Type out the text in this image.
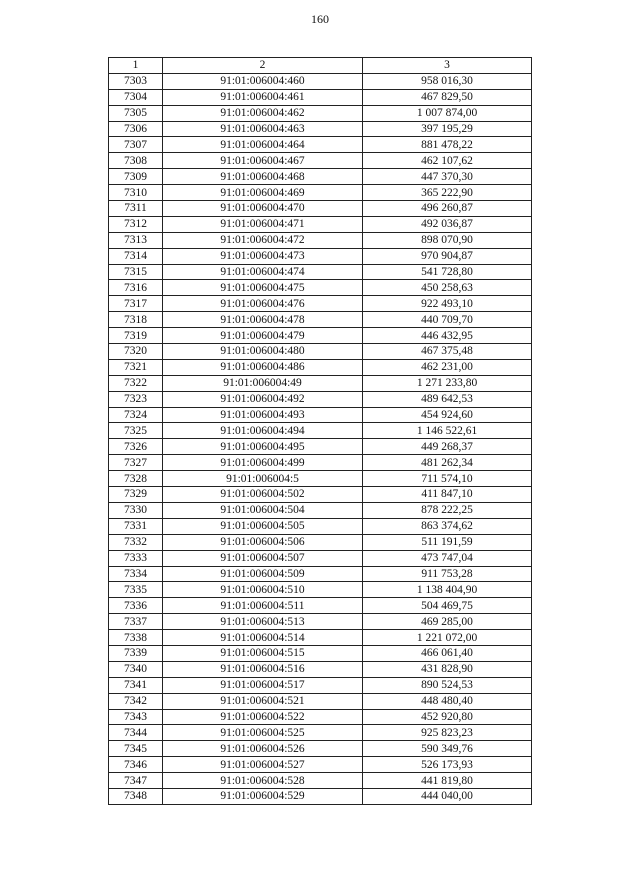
160
1	2	3
7303	91:01:006004:460	958 016,30
7304	91:01:006004:461	467 829,50
7305	91:01:006004:462	1 007 874,00
7306	91:01:006004:463	397 195,29
7307	91:01:006004:464	881 478,22
7308	91:01:006004:467	462 107,62
7309	91:01:006004:468	447 370,30
7310	91:01:006004:469	365 222,90
7311	91:01:006004:470	496 260,87
7312	91:01:006004:471	492 036,87
7313	91:01:006004:472	898 070,90
7314	91:01:006004:473	970 904,87
7315	91:01:006004:474	541 728,80
7316	91:01:006004:475	450 258,63
7317	91:01:006004:476	922 493,10
7318	91:01:006004:478	440 709,70
7319	91:01:006004:479	446 432,95
7320	91:01:006004:480	467 375,48
7321	91:01:006004:486	462 231,00
7322	91:01:006004:49	1 271 233,80
7323	91:01:006004:492	489 642,53
7324	91:01:006004:493	454 924,60
7325	91:01:006004:494	1 146 522,61
7326	91:01:006004:495	449 268,37
7327	91:01:006004:499	481 262,34
7328	91:01:006004:5	711 574,10
7329	91:01:006004:502	411 847,10
7330	91:01:006004:504	878 222,25
7331	91:01:006004:505	863 374,62
7332	91:01:006004:506	511 191,59
7333	91:01:006004:507	473 747,04
7334	91:01:006004:509	911 753,28
7335	91:01:006004:510	1 138 404,90
7336	91:01:006004:511	504 469,75
7337	91:01:006004:513	469 285,00
7338	91:01:006004:514	1 221 072,00
7339	91:01:006004:515	466 061,40
7340	91:01:006004:516	431 828,90
7341	91:01:006004:517	890 524,53
7342	91:01:006004:521	448 480,40
7343	91:01:006004:522	452 920,80
7344	91:01:006004:525	925 823,23
7345	91:01:006004:526	590 349,76
7346	91:01:006004:527	526 173,93
7347	91:01:006004:528	441 819,80
7348	91:01:006004:529	444 040,00
